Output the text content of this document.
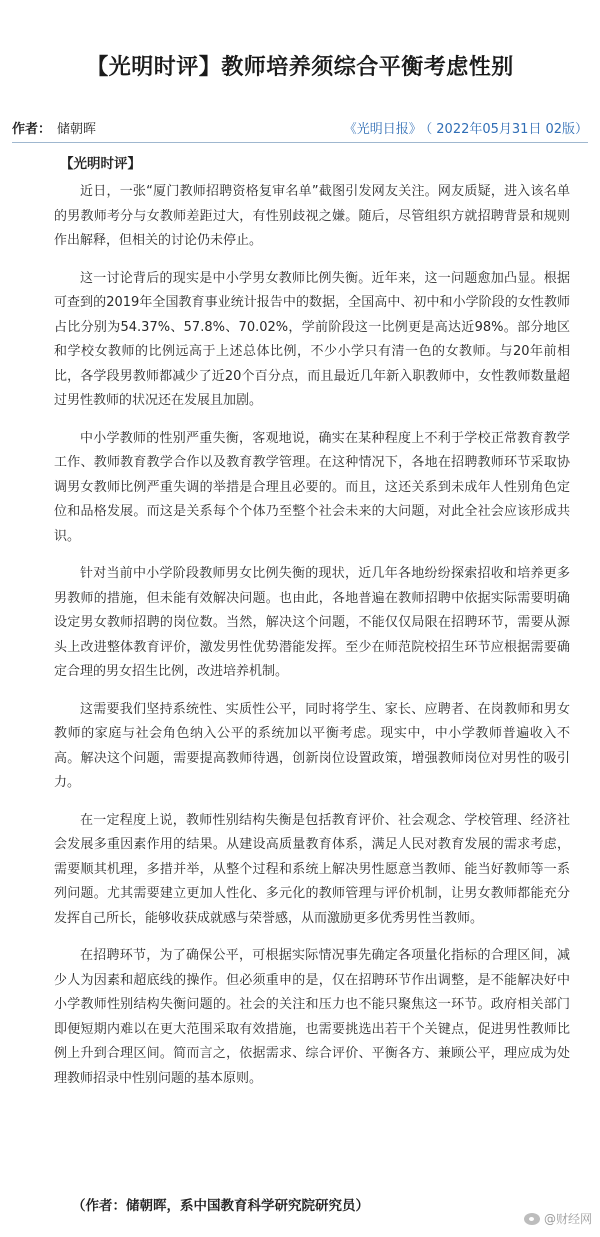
【光明时评】教师培养须综合平衡考虑性别
作者： 储朝晖	《光明日报》 （ 2022年05月31日 02版）
【光明时评】

近日，一张“厦门教师招聘资格复审名单”截图引发网友关注。网友质疑，进入该名单的男教师考分与女教师差距过大，有性别歧视之嫌。随后，尽管组织方就招聘背景和规则作出解释，但相关的讨论仍未停止。

这一讨论背后的现实是中小学男女教师比例失衡。近年来，这一问题愈加凸显。根据可查到的2019年全国教育事业统计报告中的数据，全国高中、初中和小学阶段的女性教师占比分别为54.37%、57.8%、70.02%，学前阶段这一比例更是高达近98%。部分地区和学校女教师的比例远高于上述总体比例，不少小学只有清一色的女教师。与20年前相比，各学段男教师都减少了近20个百分点，而且最近几年新入职教师中，女性教师数量超过男性教师的状况还在发展且加剧。

中小学教师的性别严重失衡，客观地说，确实在某种程度上不利于学校正常教育教学工作、教师教育教学合作以及教育教学管理。在这种情况下，各地在招聘教师环节采取协调男女教师比例严重失调的举措是合理且必要的。而且，这还关系到未成年人性别角色定位和品格发展。而这是关系每个个体乃至整个社会未来的大问题，对此全社会应该形成共识。

针对当前中小学阶段教师男女比例失衡的现状，近几年各地纷纷探索招收和培养更多男教师的措施，但未能有效解决问题。也由此，各地普遍在教师招聘中依据实际需要明确设定男女教师招聘的岗位数。当然，解决这个问题，不能仅仅局限在招聘环节，需要从源头上改进整体教育评价，激发男性优势潜能发挥。至少在师范院校招生环节应根据需要确定合理的男女招生比例，改进培养机制。

这需要我们坚持系统性、实质性公平，同时将学生、家长、应聘者、在岗教师和男女教师的家庭与社会角色纳入公平的系统加以平衡考虑。现实中，中小学教师普遍收入不高。解决这个问题，需要提高教师待遇，创新岗位设置政策，增强教师岗位对男性的吸引力。

在一定程度上说，教师性别结构失衡是包括教育评价、社会观念、学校管理、经济社会发展多重因素作用的结果。从建设高质量教育体系，满足人民对教育发展的需求考虑，需要顺其机理，多措并举，从整个过程和系统上解决男性愿意当教师、能当好教师等一系列问题。尤其需要建立更加人性化、多元化的教师管理与评价机制，让男女教师都能充分发挥自己所长，能够收获成就感与荣誉感，从而激励更多优秀男性当教师。

在招聘环节，为了确保公平，可根据实际情况事先确定各项量化指标的合理区间，减少人为因素和超底线的操作。但必须重申的是，仅在招聘环节作出调整，是不能解决好中小学教师性别结构失衡问题的。社会的关注和压力也不能只聚焦这一环节。政府相关部门即便短期内难以在更大范围采取有效措施，也需要挑选出若干个关键点，促进男性教师比例上升到合理区间。简而言之，依据需求、综合评价、平衡各方、兼顾公平，理应成为处理教师招录中性别问题的基本原则。

（作者：储朝晖，系中国教育科学研究院研究员）
@财经网
